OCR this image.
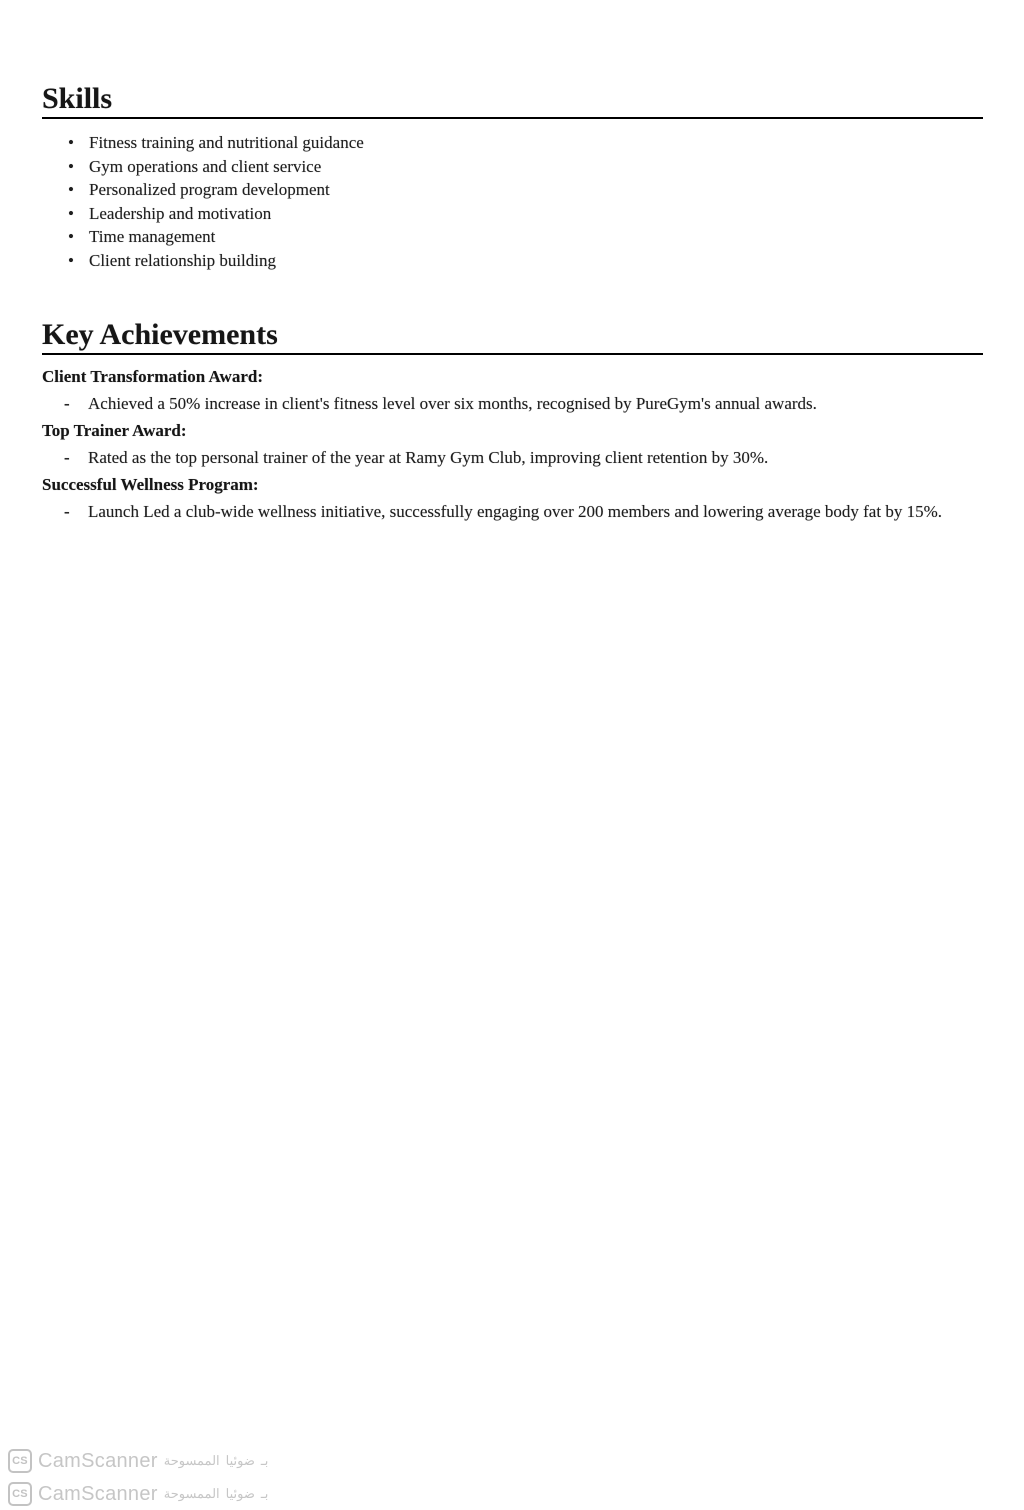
Skills
• Fitness training and nutritional guidance
• Gym operations and client service
• Personalized program development
• Leadership and motivation
• Time management
• Client relationship building
Key Achievements

Client Transformation Award:

-	Achieved a 50% increase in client's fitness level over six months, recognised by PureGym's annual awards.

Top Trainer Award:

-	Rated as the top personal trainer of the year at Ramy Gym Club, improving client retention by 30%.

Successful Wellness Program:

-	Launch Led a club-wide wellness initiative, successfully engaging over 200 members and lowering average body fat by 15%.

CS CamScanner الممسوحة ضوئيا بـ
CS CamScanner الممسوحة ضوئيا بـ
